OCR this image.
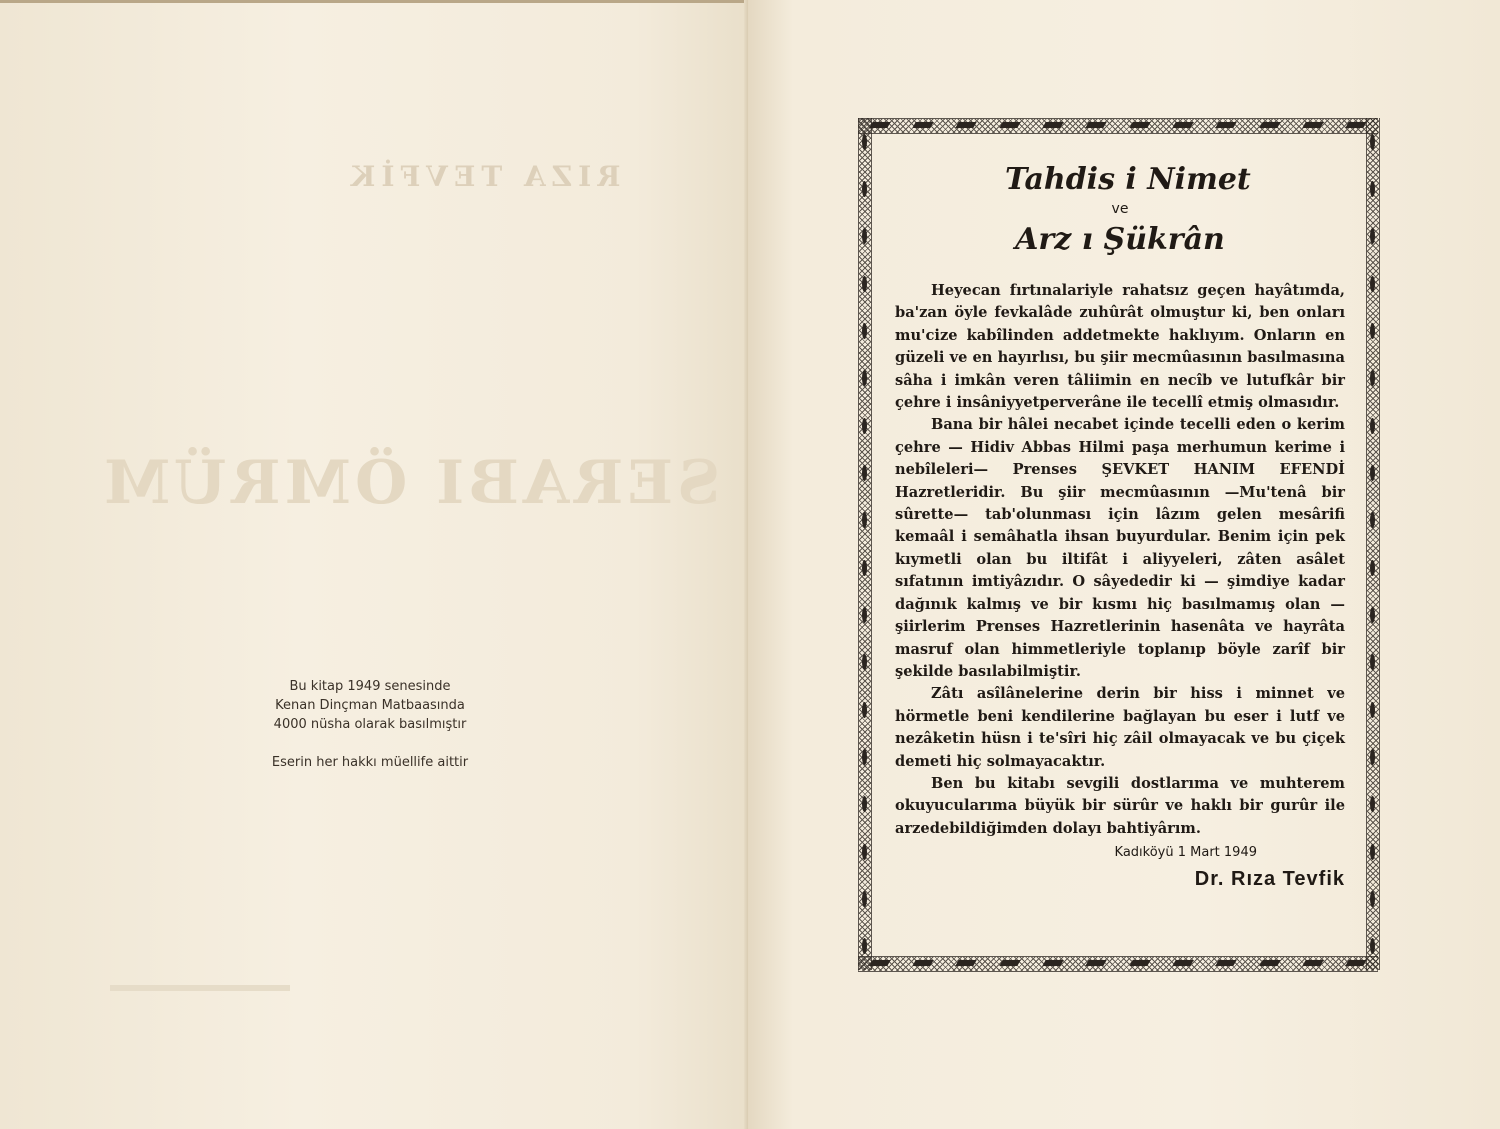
RIZA TEVFİK
SERABI ÖMRÜM
Bu kitap 1949 senesinde
Kenan Dinçman Matbaasında
4000 nüsha olarak basılmıştır
Eserin her hakkı müellife aittir
Tahdis i Nimet

ve

Arz ı Şükrân

Heyecan fırtınalariyle rahatsız geçen hayâtımda, ba'zan öyle fevkalâde zuhûrât olmuştur ki, ben onları mu'cize kabîlinden addetmekte haklıyım. Onların en güzeli ve en hayırlısı, bu şiir mecmûasının basılmasına sâha i imkân veren tâliimin en necîb ve lutufkâr bir çehre i insâniyyetperverâne ile tecellî etmiş olmasıdır.

Bana bir hâlei necabet içinde tecelli eden o kerim çehre — Hidiv Abbas Hilmi paşa merhumun kerime i nebîleleri— Prenses ŞEVKET HANIM EFENDİ Hazretleridir. Bu şiir mecmûasının —Mu'tenâ bir sûrette— tab'olunması için lâzım gelen mesârifi kemaâl i semâhatla ihsan buyurdular. Benim için pek kıymetli olan bu iltifât i aliyyeleri, zâten asâlet sıfatının imtiyâzıdır. O sâyededir ki — şimdiye kadar dağınık kalmış ve bir kısmı hiç basılmamış olan — şiirlerim Prenses Hazretlerinin hasenâta ve hayrâta masruf olan himmetleriyle toplanıp böyle zarîf bir şekilde basılabilmiştir.

Zâtı asîlânelerine derin bir hiss i minnet ve hörmetle beni kendilerine bağlayan bu eser i lutf ve nezâketin hüsn i te'sîri hiç zâil olmayacak ve bu çiçek demeti hiç solmayacaktır.

Ben bu kitabı sevgili dostlarıma ve muhterem okuyucularıma büyük bir sürûr ve haklı bir gurûr ile arzedebildiğimden dolayı bahtiyârım.

Kadıköyü 1 Mart 1949
Dr. Rıza Tevfik
